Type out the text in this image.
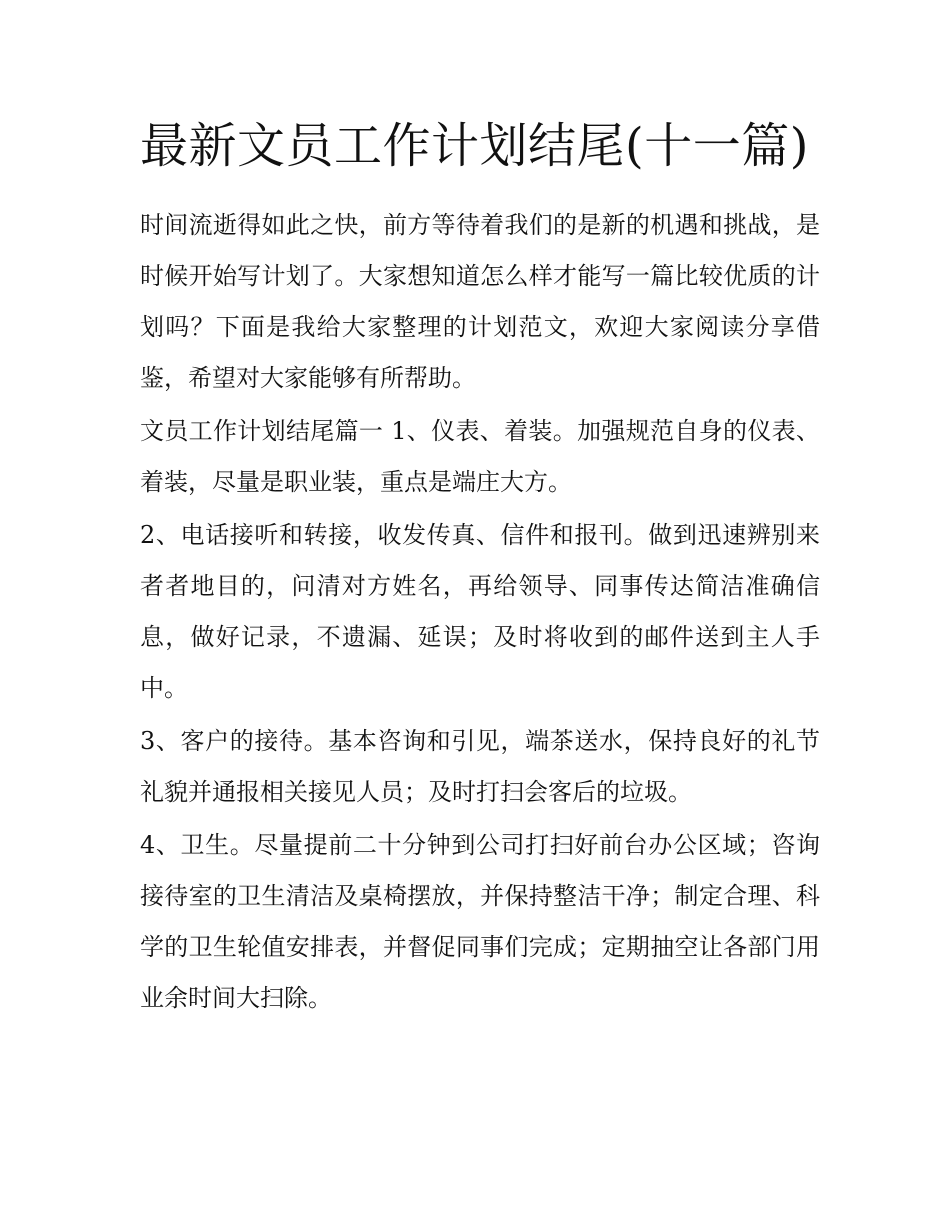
最新文员工作计划结尾(十一篇)

时间流逝得如此之快，前方等待着我们的是新的机遇和挑战，是时候开始写计划了。大家想知道怎么样才能写一篇比较优质的计划吗？下面是我给大家整理的计划范文，欢迎大家阅读分享借鉴，希望对大家能够有所帮助。

文员工作计划结尾篇一 1、仪表、着装。加强规范自身的仪表、着装，尽量是职业装，重点是端庄大方。

2、电话接听和转接，收发传真、信件和报刊。做到迅速辨别来者者地目的，问清对方姓名，再给领导、同事传达简洁准确信息，做好记录，不遗漏、延误；及时将收到的邮件送到主人手中。

3、客户的接待。基本咨询和引见，端茶送水，保持良好的礼节礼貌并通报相关接见人员；及时打扫会客后的垃圾。

4、卫生。尽量提前二十分钟到公司打扫好前台办公区域；咨询接待室的卫生清洁及桌椅摆放，并保持整洁干净；制定合理、科学的卫生轮值安排表，并督促同事们完成；定期抽空让各部门用业余时间大扫除。
